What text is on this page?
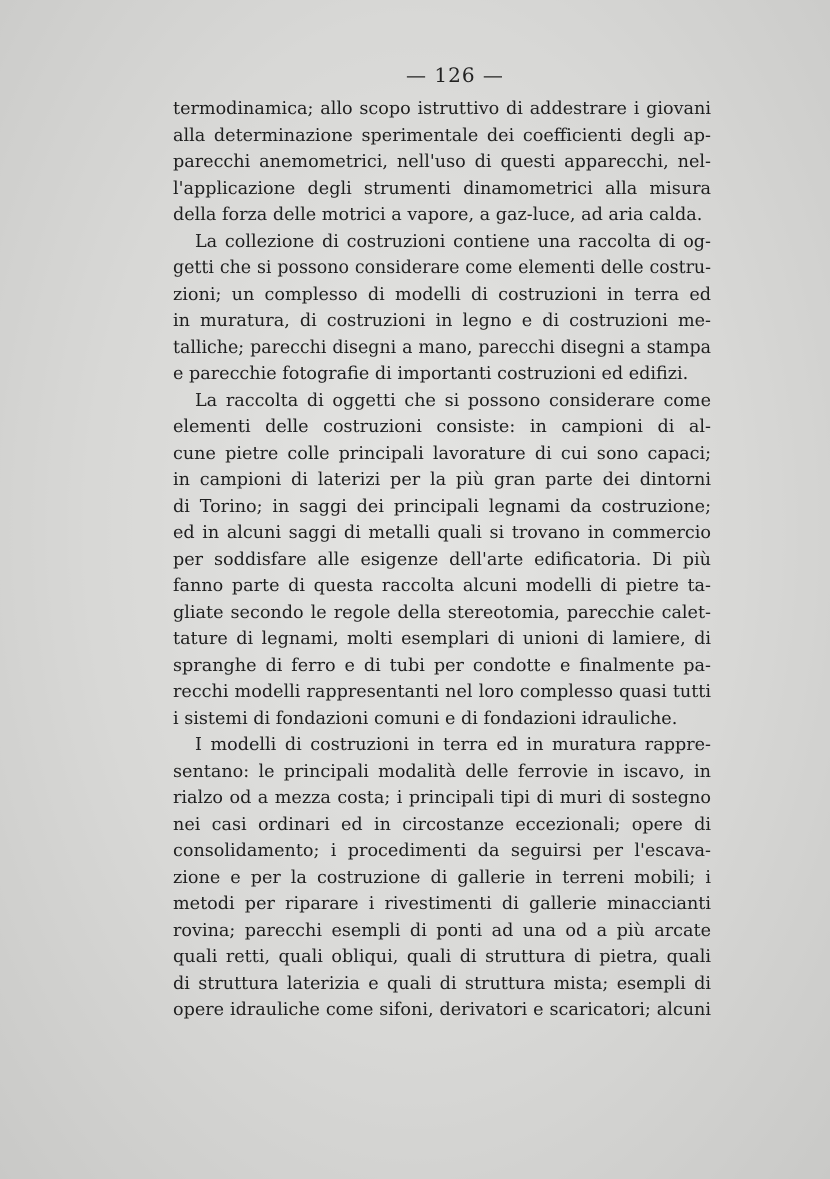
— 126 —
termodinamica; allo scopo istruttivo di addestrare i giovani
alla determinazione sperimentale dei coefficienti degli ap-
parecchi anemometrici, nell'uso di questi apparecchi, nel-
l'applicazione degli strumenti dinamometrici alla misura
della forza delle motrici a vapore, a gaz-luce, ad aria calda.
La collezione di costruzioni contiene una raccolta di og-
getti che si possono considerare come elementi delle costru-
zioni; un complesso di modelli di costruzioni in terra ed
in muratura, di costruzioni in legno e di costruzioni me-
talliche; parecchi disegni a mano, parecchi disegni a stampa
e parecchie fotografie di importanti costruzioni ed edifizi.
La raccolta di oggetti che si possono considerare come
elementi delle costruzioni consiste: in campioni di al-
cune pietre colle principali lavorature di cui sono capaci;
in campioni di laterizi per la più gran parte dei dintorni
di Torino; in saggi dei principali legnami da costruzione;
ed in alcuni saggi di metalli quali si trovano in commercio
per soddisfare alle esigenze dell'arte edificatoria. Di più
fanno parte di questa raccolta alcuni modelli di pietre ta-
gliate secondo le regole della stereotomia, parecchie calet-
tature di legnami, molti esemplari di unioni di lamiere, di
spranghe di ferro e di tubi per condotte e finalmente pa-
recchi modelli rappresentanti nel loro complesso quasi tutti
i sistemi di fondazioni comuni e di fondazioni idrauliche.
I modelli di costruzioni in terra ed in muratura rappre-
sentano: le principali modalità delle ferrovie in iscavo, in
rialzo od a mezza costa; i principali tipi di muri di sostegno
nei casi ordinari ed in circostanze eccezionali; opere di
consolidamento; i procedimenti da seguirsi per l'escava-
zione e per la costruzione di gallerie in terreni mobili; i
metodi per riparare i rivestimenti di gallerie minaccianti
rovina; parecchi esempli di ponti ad una od a più arcate
quali retti, quali obliqui, quali di struttura di pietra, quali
di struttura laterizia e quali di struttura mista; esempli di
opere idrauliche come sifoni, derivatori e scaricatori; alcuni
